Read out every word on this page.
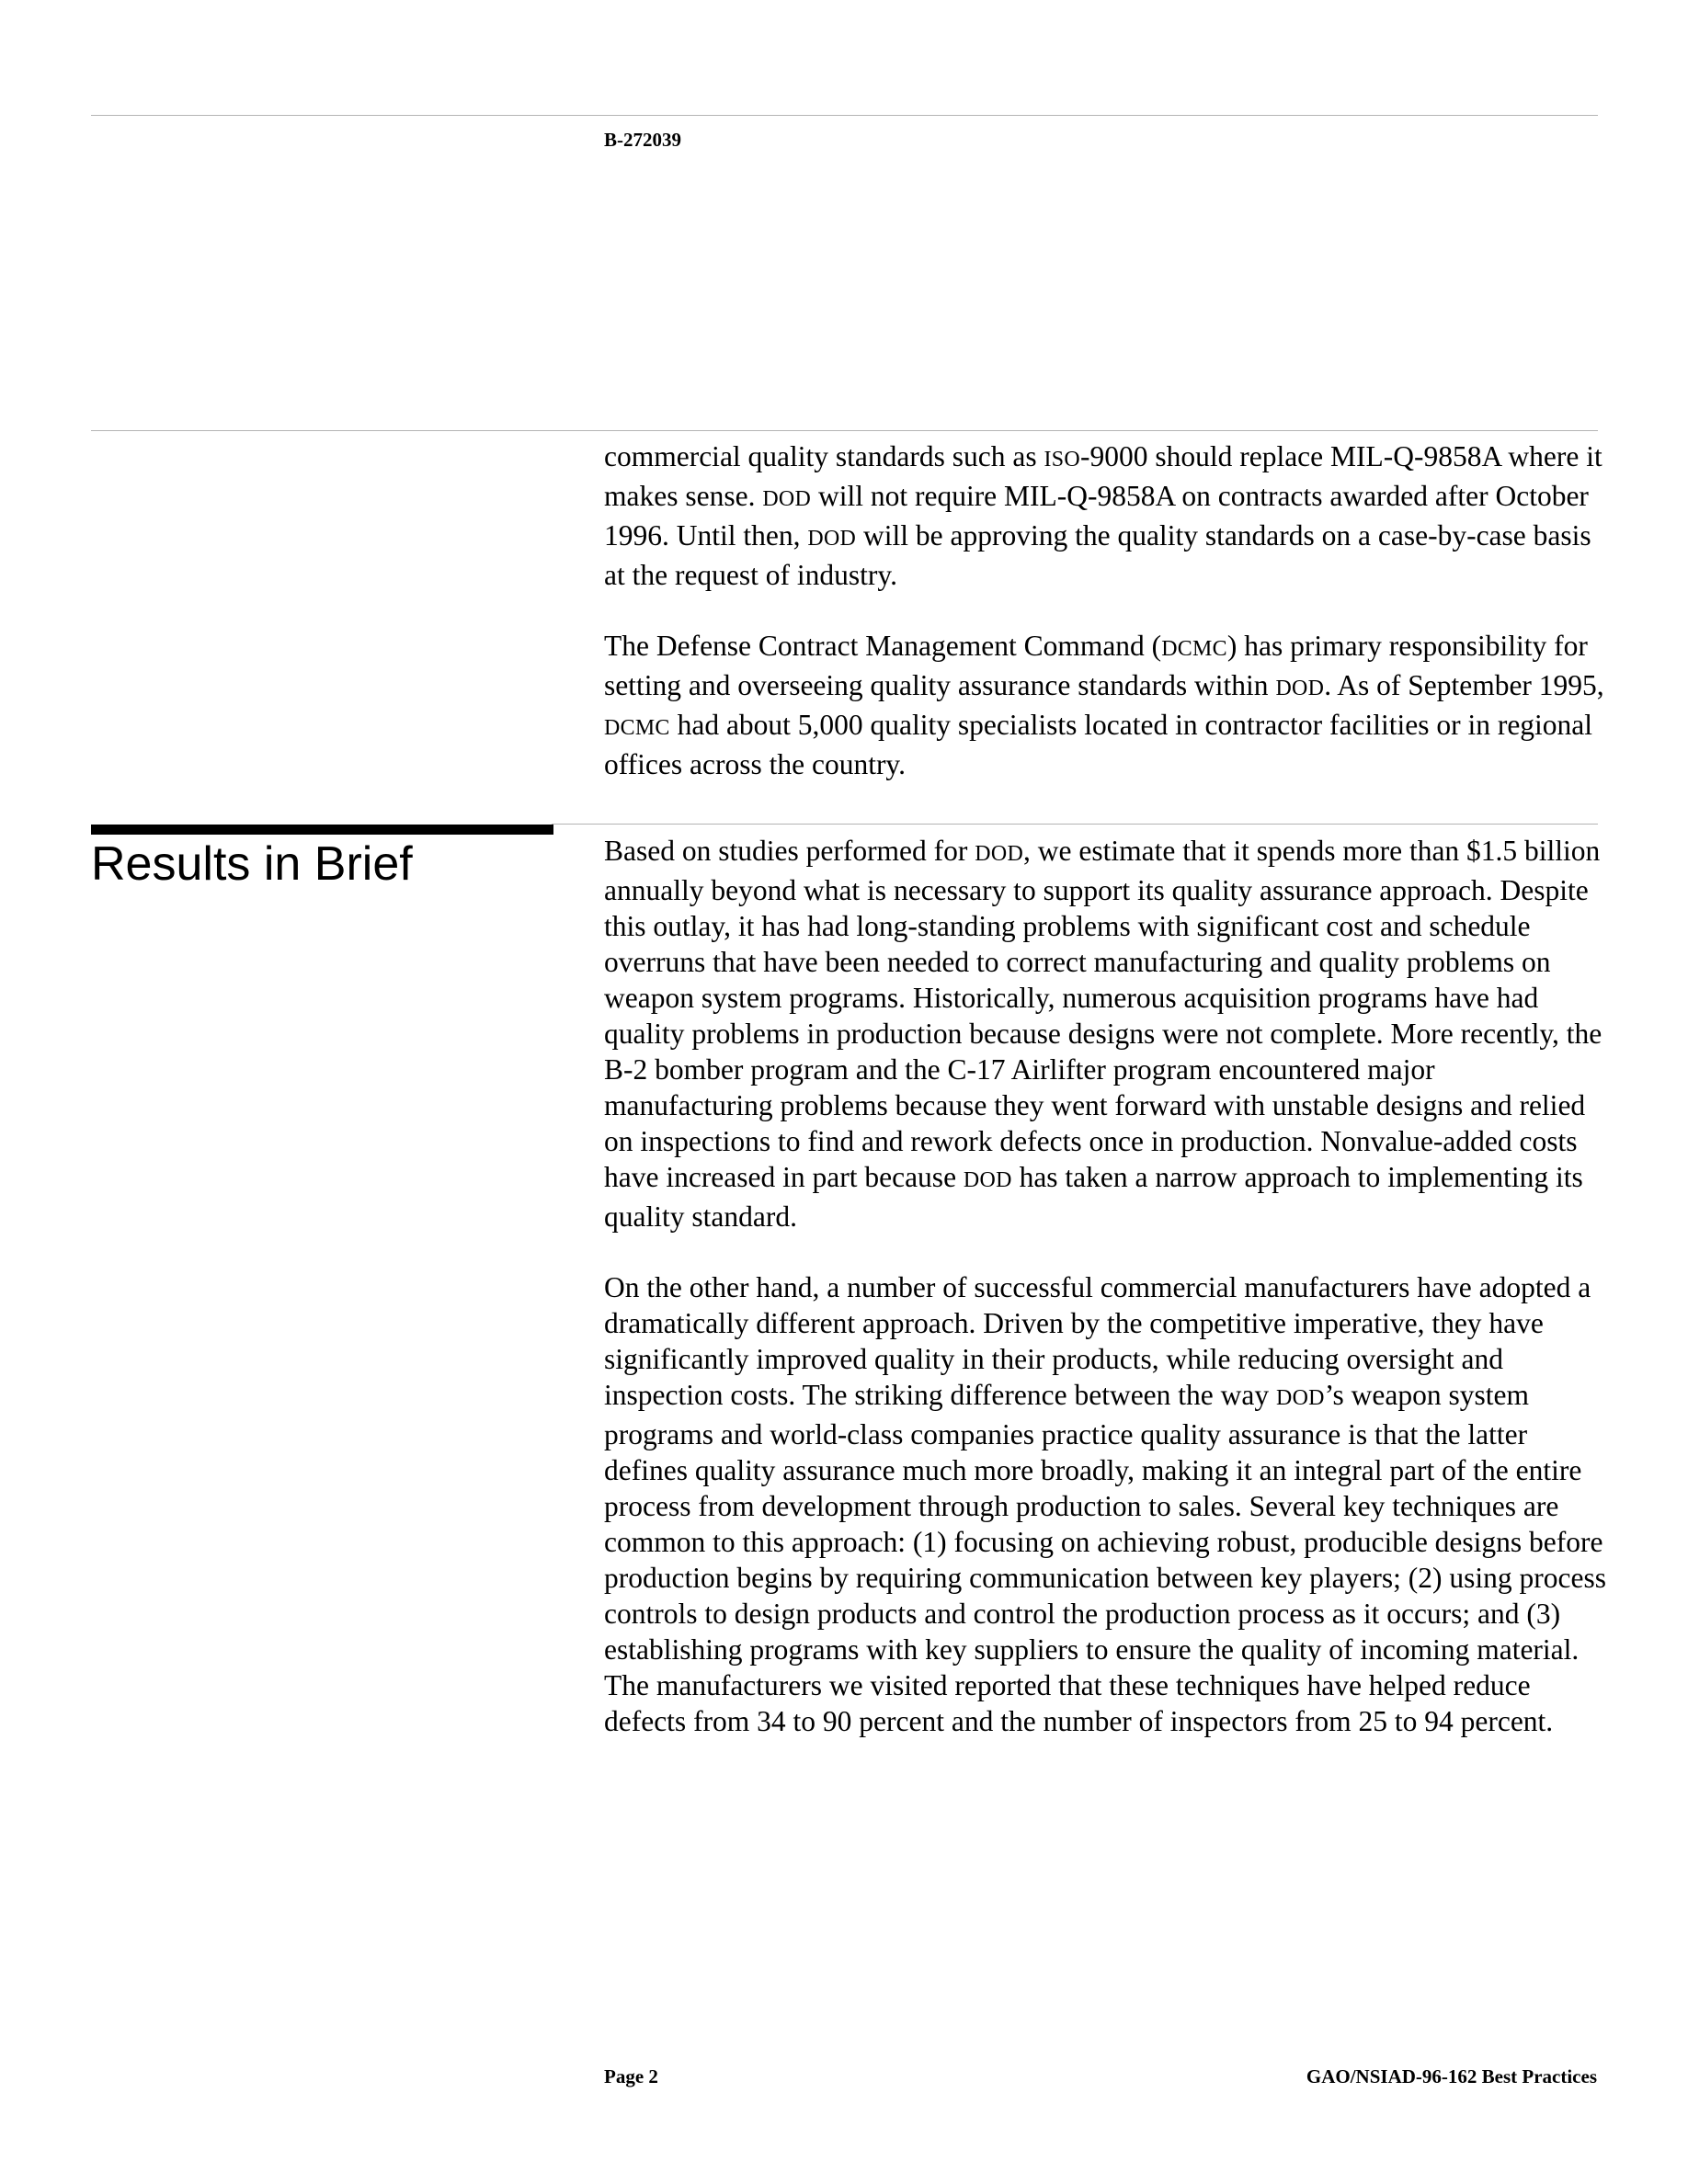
B-272039

commercial quality standards such as ISO-9000 should replace MIL-Q-9858A where it makes sense. DOD will not require MIL-Q-9858A on contracts awarded after October 1996. Until then, DOD will be approving the quality standards on a case-by-case basis at the request of industry.

The Defense Contract Management Command (DCMC) has primary responsibility for setting and overseeing quality assurance standards within DOD. As of September 1995, DCMC had about 5,000 quality specialists located in contractor facilities or in regional offices across the country.

Results in Brief	Based on studies performed for DOD, we estimate that it spends more than $1.5 billion annually beyond what is necessary to support its quality assurance approach. Despite this outlay, it has had long-standing problems with significant cost and schedule overruns that have been needed to correct manufacturing and quality problems on weapon system programs. Historically, numerous acquisition programs have had quality problems in production because designs were not complete. More recently, the B-2 bomber program and the C-17 Airlifter program encountered major manufacturing problems because they went forward with unstable designs and relied on inspections to find and rework defects once in production. Nonvalue-added costs have increased in part because DOD has taken a narrow approach to implementing its quality standard.

On the other hand, a number of successful commercial manufacturers have adopted a dramatically different approach. Driven by the competitive imperative, they have significantly improved quality in their products, while reducing oversight and inspection costs. The striking difference between the way DOD’s weapon system programs and world-class companies practice quality assurance is that the latter defines quality assurance much more broadly, making it an integral part of the entire process from development through production to sales. Several key techniques are common to this approach: (1) focusing on achieving robust, producible designs before production begins by requiring communication between key players; (2) using process controls to design products and control the production process as it occurs; and (3) establishing programs with key suppliers to ensure the quality of incoming material. The manufacturers we visited reported that these techniques have helped reduce defects from 34 to 90 percent and the number of inspectors from 25 to 94 percent.

Page 2	GAO/NSIAD-96-162 Best Practices
